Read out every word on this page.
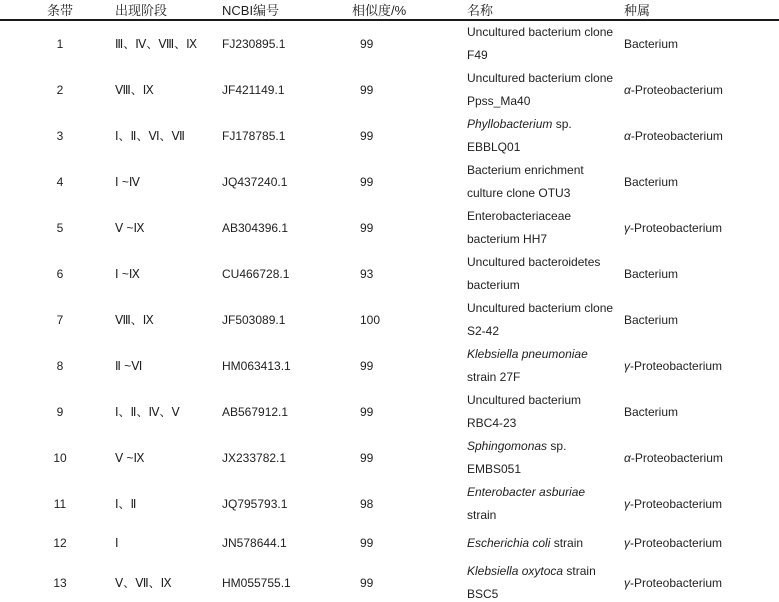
条带	出现阶段	NCBI编号	相似度/%	名称	种属
1	Ⅲ、Ⅳ、Ⅷ、Ⅸ	FJ230895.1	99	Uncultured bacterium clone F49	Bacterium
2	Ⅷ、Ⅸ	JF421149.1	99	Uncultured bacterium clone Ppss_Ma40	α-Proteobacterium
3	Ⅰ、Ⅱ、Ⅵ、Ⅶ	FJ178785.1	99	Phyllobacterium sp. EBBLQ01	α-Proteobacterium
4	Ⅰ ~Ⅳ	JQ437240.1	99	Bacterium enrichment culture clone OTU3	Bacterium
5	Ⅴ ~Ⅸ	AB304396.1	99	Enterobacteriaceae bacterium HH7	γ-Proteobacterium
6	Ⅰ ~Ⅸ	CU466728.1	93	Uncultured bacteroidetes bacterium	Bacterium
7	Ⅷ、Ⅸ	JF503089.1	100	Uncultured bacterium clone S2-42	Bacterium
8	Ⅱ ~Ⅵ	HM063413.1	99	Klebsiella pneumoniae strain 27F	γ-Proteobacterium
9	Ⅰ、Ⅱ、Ⅳ、Ⅴ	AB567912.1	99	Uncultured bacterium RBC4-23	Bacterium
10	Ⅴ ~Ⅸ	JX233782.1	99	Sphingomonas sp. EMBS051	α-Proteobacterium
11	Ⅰ、Ⅱ	JQ795793.1	98	Enterobacter asburiae strain	γ-Proteobacterium
12	Ⅰ	JN578644.1	99	Escherichia coli strain	γ-Proteobacterium
13	Ⅴ、Ⅶ、Ⅸ	HM055755.1	99	Klebsiella oxytoca strain BSC5	γ-Proteobacterium
